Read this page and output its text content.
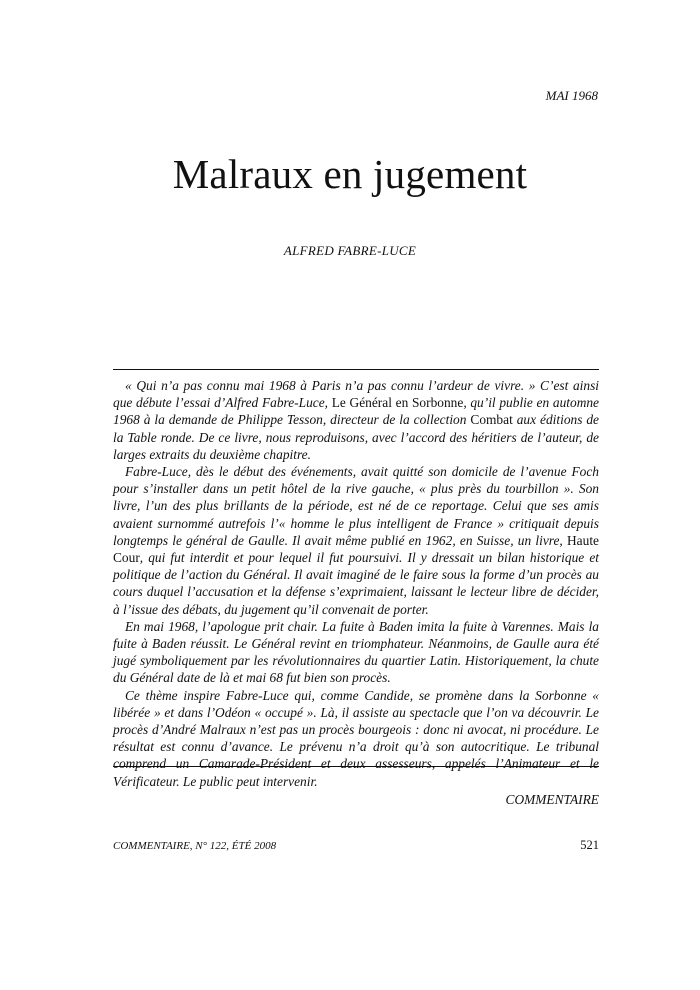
MAI 1968
Malraux en jugement
ALFRED FABRE-LUCE

« Qui n’a pas connu mai 1968 à Paris n’a pas connu l’ardeur de vivre. » C’est ainsi que débute l’essai d’Alfred Fabre-Luce, Le Général en Sorbonne, qu’il publie en automne 1968 à la demande de Philippe Tesson, directeur de la collection Combat aux éditions de la Table ronde. De ce livre, nous reproduisons, avec l’accord des héritiers de l’auteur, de larges extraits du deuxième chapitre.

Fabre-Luce, dès le début des événements, avait quitté son domicile de l’avenue Foch pour s’installer dans un petit hôtel de la rive gauche, « plus près du tourbillon ». Son livre, l’un des plus brillants de la période, est né de ce reportage. Celui que ses amis avaient surnommé autrefois l’« homme le plus intelligent de France » critiquait depuis longtemps le général de Gaulle. Il avait même publié en 1962, en Suisse, un livre, Haute Cour, qui fut interdit et pour lequel il fut poursuivi. Il y dressait un bilan historique et politique de l’action du Général. Il avait imaginé de le faire sous la forme d’un procès au cours duquel l’accusation et la défense s’exprimaient, laissant le lecteur libre de décider, à l’issue des débats, du jugement qu’il convenait de porter.

En mai 1968, l’apologue prit chair. La fuite à Baden imita la fuite à Varennes. Mais la fuite à Baden réussit. Le Général revint en triomphateur. Néanmoins, de Gaulle aura été jugé symboliquement par les révolutionnaires du quartier Latin. Historiquement, la chute du Général date de là et mai 68 fut bien son procès.

Ce thème inspire Fabre-Luce qui, comme Candide, se promène dans la Sorbonne « libérée » et dans l’Odéon « occupé ». Là, il assiste au spectacle que l’on va découvrir. Le procès d’André Malraux n’est pas un procès bourgeois : donc ni avocat, ni procédure. Le résultat est connu d’avance. Le prévenu n’a droit qu’à son autocritique. Le tribunal comprend un Camarade-Président et deux assesseurs, appelés l’Animateur et le Vérificateur. Le public peut intervenir.

COMMENTAIRE
COMMENTAIRE, N° 122, ÉTÉ 2008	521
